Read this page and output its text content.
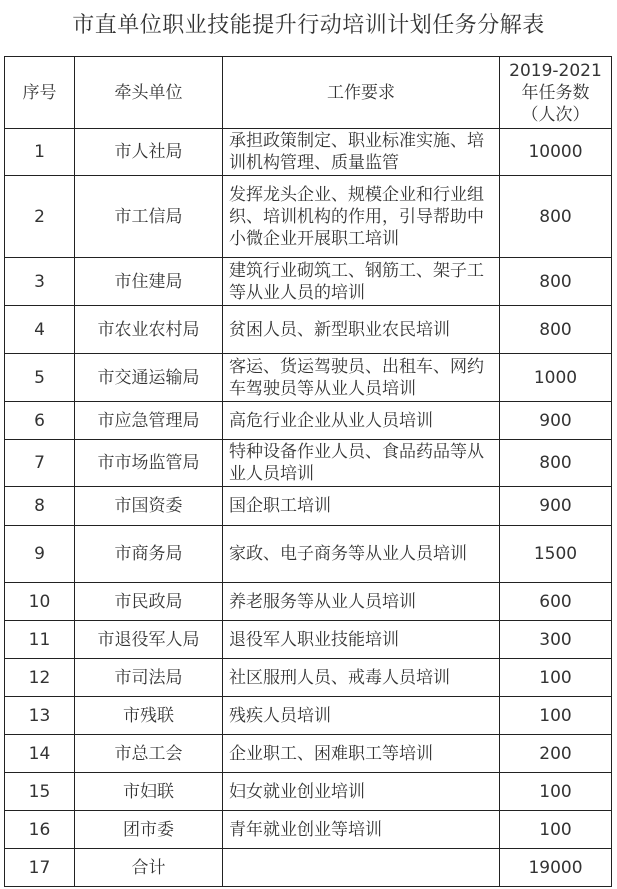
市直单位职业技能提升行动培训计划任务分解表
序号	牵头单位	工作要求	2019-2021
年任务数
（人次）

1	市人社局	承担政策制定、职业标准实施、培训机构管理、质量监管	10000
2	市工信局	发挥龙头企业、规模企业和行业组织、培训机构的作用，引导帮助中小微企业开展职工培训	800
3	市住建局	建筑行业砌筑工、钢筋工、架子工等从业人员的培训	800
4	市农业农村局	贫困人员、新型职业农民培训	800
5	市交通运输局	客运、货运驾驶员、出租车、网约车驾驶员等从业人员培训	1000
6	市应急管理局	高危行业企业从业人员培训	900
7	市市场监管局	特种设备作业人员、食品药品等从业人员培训	800
8	市国资委	国企职工培训	900
9	市商务局	家政、电子商务等从业人员培训	1500
10	市民政局	养老服务等从业人员培训	600
11	市退役军人局	退役军人职业技能培训	300
12	市司法局	社区服刑人员、戒毒人员培训	100
13	市残联	残疾人员培训	100
14	市总工会	企业职工、困难职工等培训	200
15	市妇联	妇女就业创业培训	100
16	团市委	青年就业创业等培训	100
17	合计		19000
